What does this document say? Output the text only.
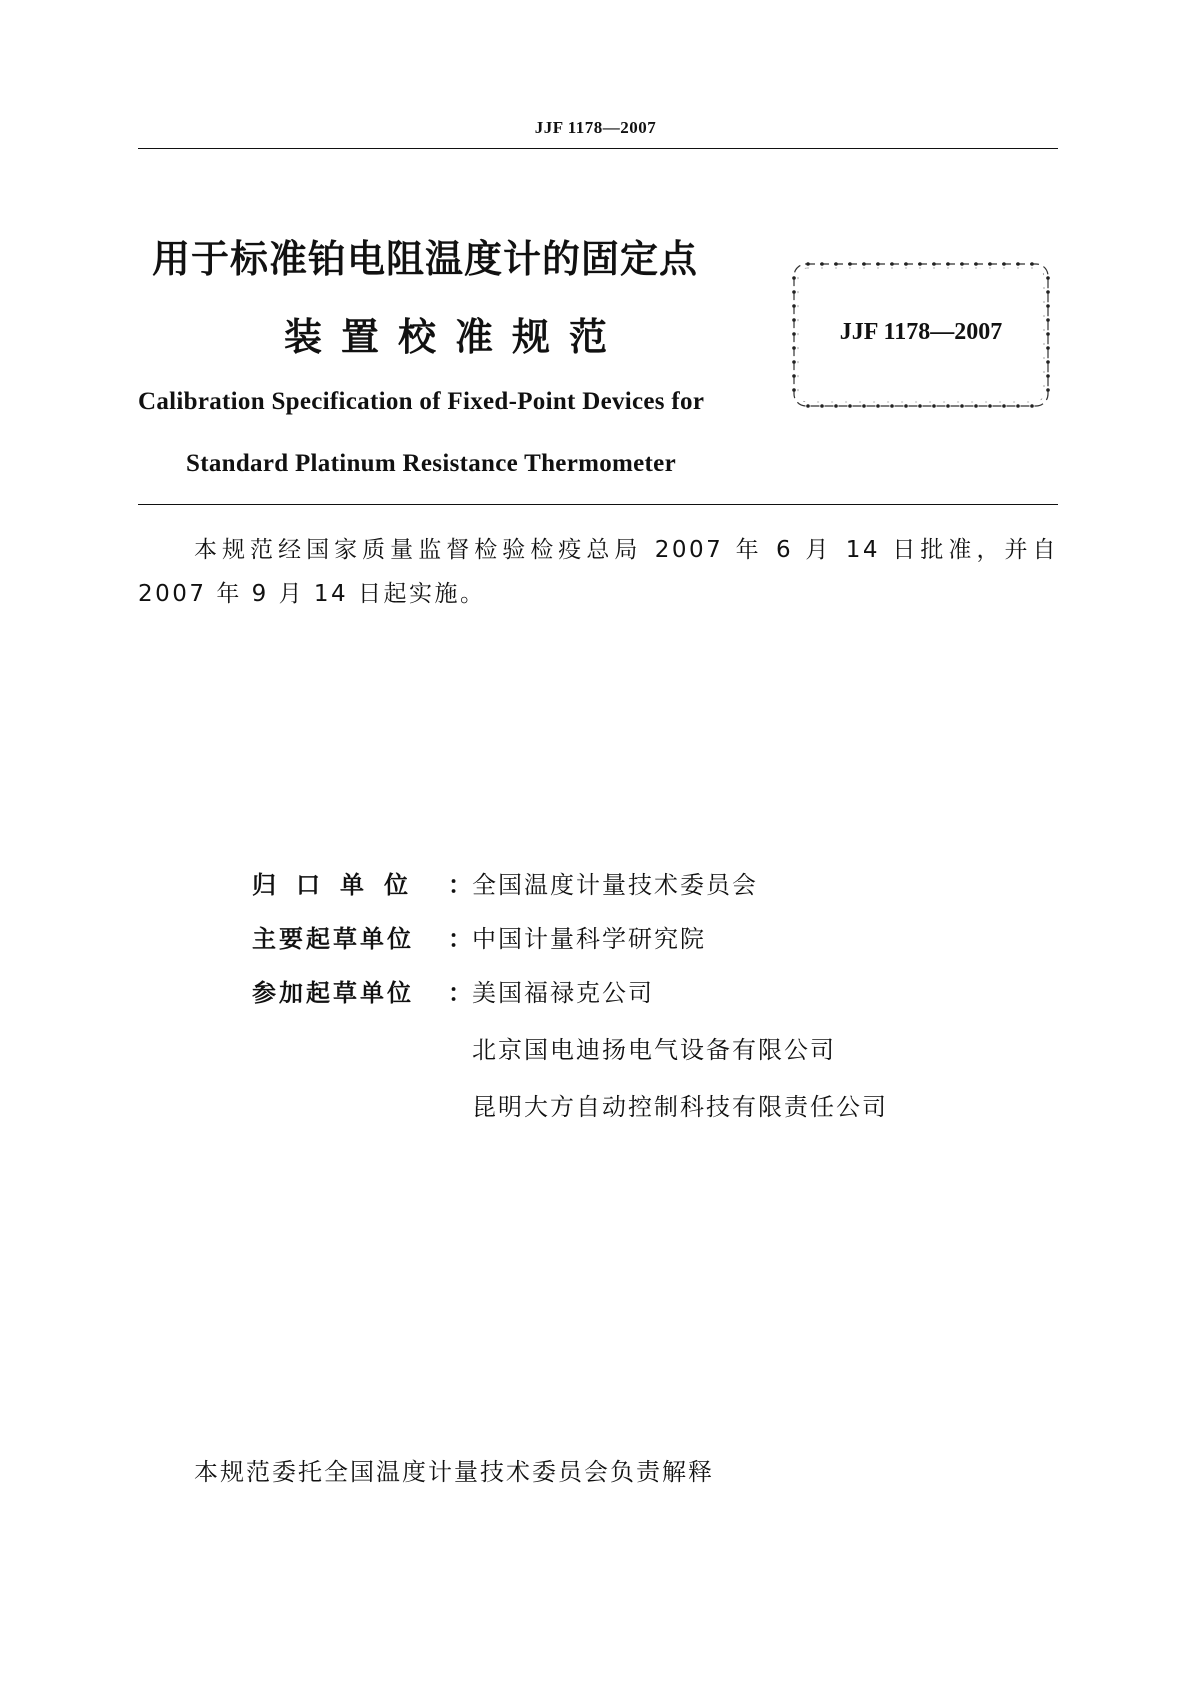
JJF 1178—2007
用于标准铂电阻温度计的固定点
装置校准规范	JJF 1178—2007
Calibration Specification of Fixed-Point Devices for
Standard Platinum Resistance Thermometer
本规范经国家质量监督检验检疫总局 2007 年 6 月 14 日批准，并自 2007 年 9 月 14 日起实施。
归口单位 ：全国温度计量技术委员会
主要起草单位 ：中国计量科学研究院
参加起草单位 ：美国福禄克公司
北京国电迪扬电气设备有限公司
昆明大方自动控制科技有限责任公司
本规范委托全国温度计量技术委员会负责解释
